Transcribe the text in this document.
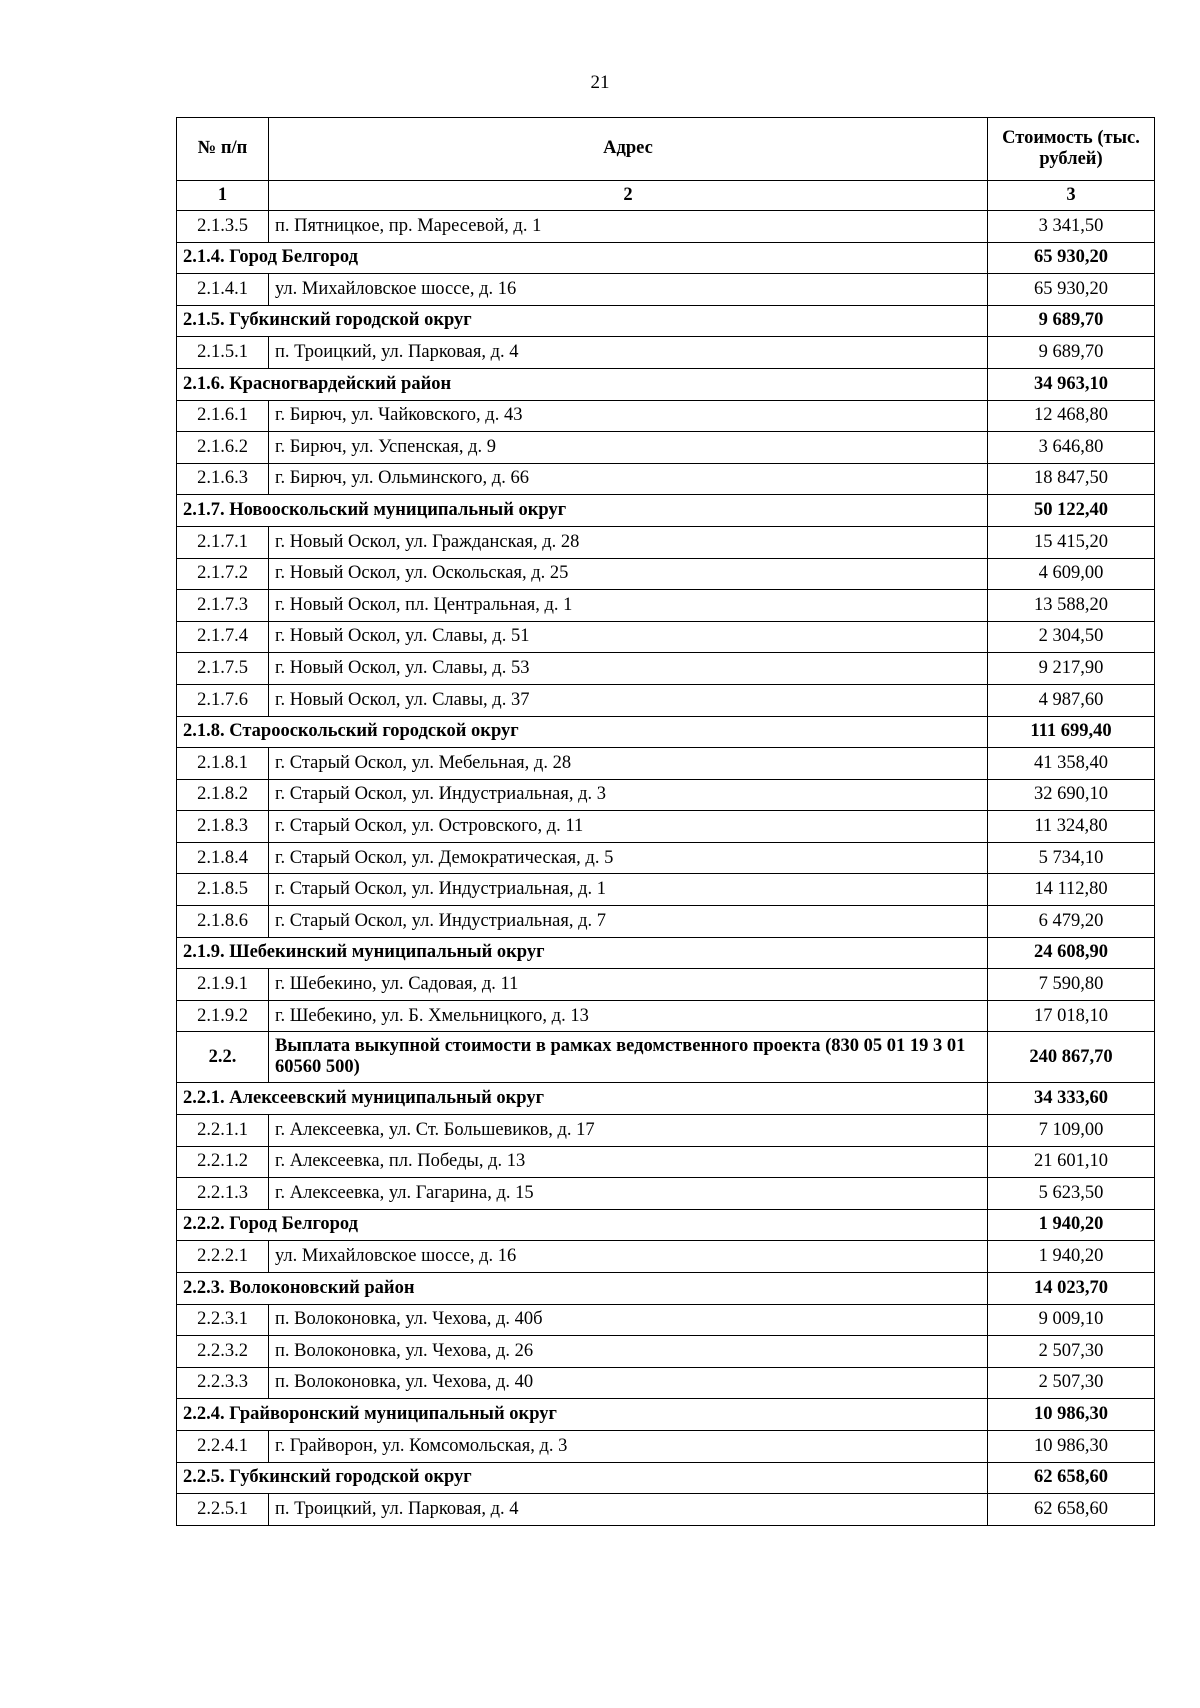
21
№ п/п	Адрес	Стоимость (тыс. рублей)
1	2	3
2.1.3.5	п. Пятницкое, пр. Маресевой, д. 1	3 341,50
2.1.4. Город Белгород		65 930,20
2.1.4.1	ул. Михайловское шоссе, д. 16	65 930,20
2.1.5. Губкинский городской округ		9 689,70
2.1.5.1	п. Троицкий, ул. Парковая, д. 4	9 689,70
2.1.6. Красногвардейский район		34 963,10
2.1.6.1	г. Бирюч, ул. Чайковского, д. 43	12 468,80
2.1.6.2	г. Бирюч, ул. Успенская, д. 9	3 646,80
2.1.6.3	г. Бирюч, ул. Ольминского, д. 66	18 847,50
2.1.7. Новооскольский муниципальный округ		50 122,40
2.1.7.1	г. Новый Оскол, ул. Гражданская, д. 28	15 415,20
2.1.7.2	г. Новый Оскол, ул. Оскольская, д. 25	4 609,00
2.1.7.3	г. Новый Оскол, пл. Центральная, д. 1	13 588,20
2.1.7.4	г. Новый Оскол, ул. Славы, д. 51	2 304,50
2.1.7.5	г. Новый Оскол, ул. Славы, д. 53	9 217,90
2.1.7.6	г. Новый Оскол, ул. Славы, д. 37	4 987,60
2.1.8. Старооскольский городской округ		111 699,40
2.1.8.1	г. Старый Оскол, ул. Мебельная, д. 28	41 358,40
2.1.8.2	г. Старый Оскол, ул. Индустриальная, д. 3	32 690,10
2.1.8.3	г. Старый Оскол, ул. Островского, д. 11	11 324,80
2.1.8.4	г. Старый Оскол, ул. Демократическая, д. 5	5 734,10
2.1.8.5	г. Старый Оскол, ул. Индустриальная, д. 1	14 112,80
2.1.8.6	г. Старый Оскол, ул. Индустриальная, д. 7	6 479,20
2.1.9. Шебекинский муниципальный округ		24 608,90
2.1.9.1	г. Шебекино, ул. Садовая, д. 11	7 590,80
2.1.9.2	г. Шебекино, ул. Б. Хмельницкого, д. 13	17 018,10
2.2.	Выплата выкупной стоимости в рамках ведомственного проекта (830 05 01 19 3 01 60560 500)	240 867,70
2.2.1. Алексеевский муниципальный округ		34 333,60
2.2.1.1	г. Алексеевка, ул. Ст. Большевиков, д. 17	7 109,00
2.2.1.2	г. Алексеевка, пл. Победы, д. 13	21 601,10
2.2.1.3	г. Алексеевка, ул. Гагарина, д. 15	5 623,50
2.2.2. Город Белгород		1 940,20
2.2.2.1	ул. Михайловское шоссе, д. 16	1 940,20
2.2.3. Волоконовский район		14 023,70
2.2.3.1	п. Волоконовка, ул. Чехова, д. 40б	9 009,10
2.2.3.2	п. Волоконовка, ул. Чехова, д. 26	2 507,30
2.2.3.3	п. Волоконовка, ул. Чехова, д. 40	2 507,30
2.2.4. Грайворонский муниципальный округ		10 986,30
2.2.4.1	г. Грайворон, ул. Комсомольская, д. 3	10 986,30
2.2.5. Губкинский городской округ		62 658,60
2.2.5.1	п. Троицкий, ул. Парковая, д. 4	62 658,60
